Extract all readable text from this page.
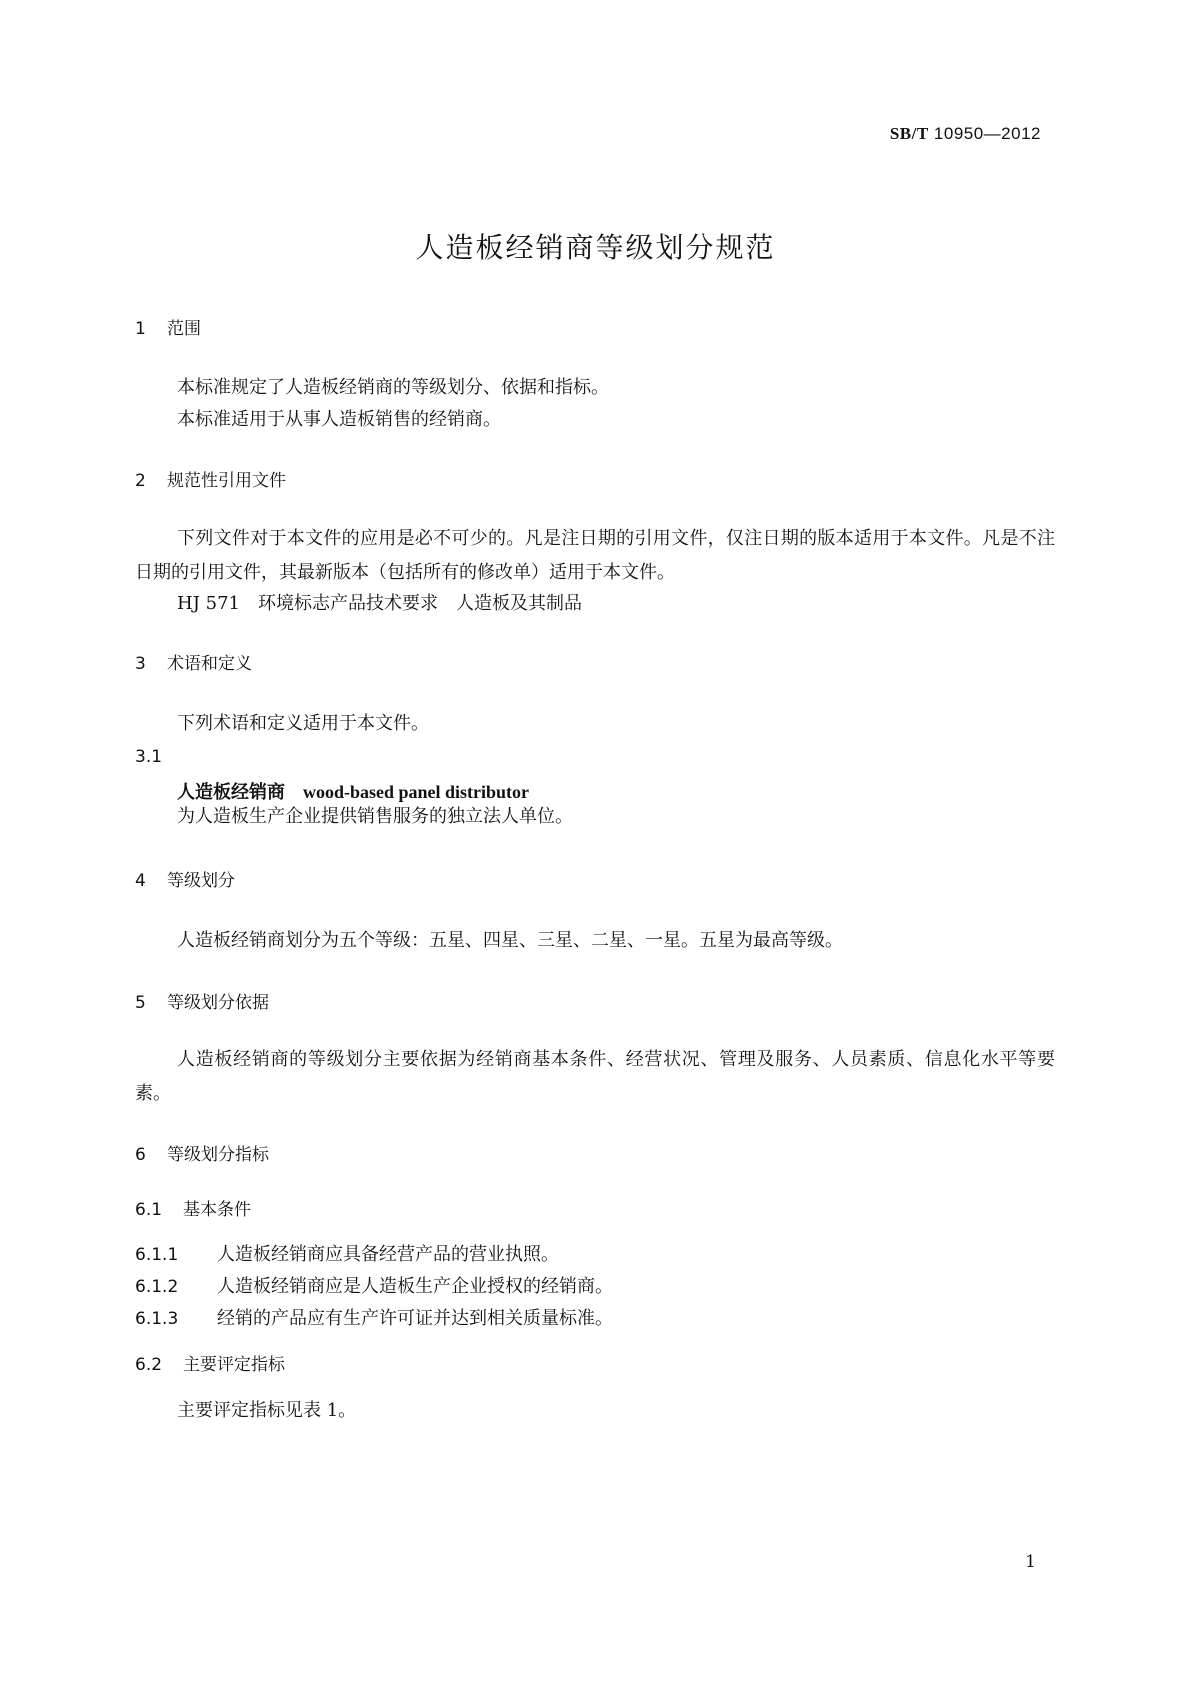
SB/T 10950—2012
人造板经销商等级划分规范
1 范围
本标准规定了人造板经销商的等级划分、依据和指标。
本标准适用于从事人造板销售的经销商。
2 规范性引用文件
下列文件对于本文件的应用是必不可少的。凡是注日期的引用文件，仅注日期的版本适用于本文件。凡是不注日期的引用文件，其最新版本（包括所有的修改单）适用于本文件。
HJ 571　环境标志产品技术要求　人造板及其制品
3 术语和定义
下列术语和定义适用于本文件。
3.1
人造板经销商 wood-based panel distributor
为人造板生产企业提供销售服务的独立法人单位。
4 等级划分
人造板经销商划分为五个等级：五星、四星、三星、二星、一星。五星为最高等级。
5 等级划分依据
人造板经销商的等级划分主要依据为经销商基本条件、经营状况、管理及服务、人员素质、信息化水平等要素。
6 等级划分指标
6.1 基本条件
6.1.1 人造板经销商应具备经营产品的营业执照。
6.1.2 人造板经销商应是人造板生产企业授权的经销商。
6.1.3 经销的产品应有生产许可证并达到相关质量标准。
6.2 主要评定指标
主要评定指标见表 1。
1
